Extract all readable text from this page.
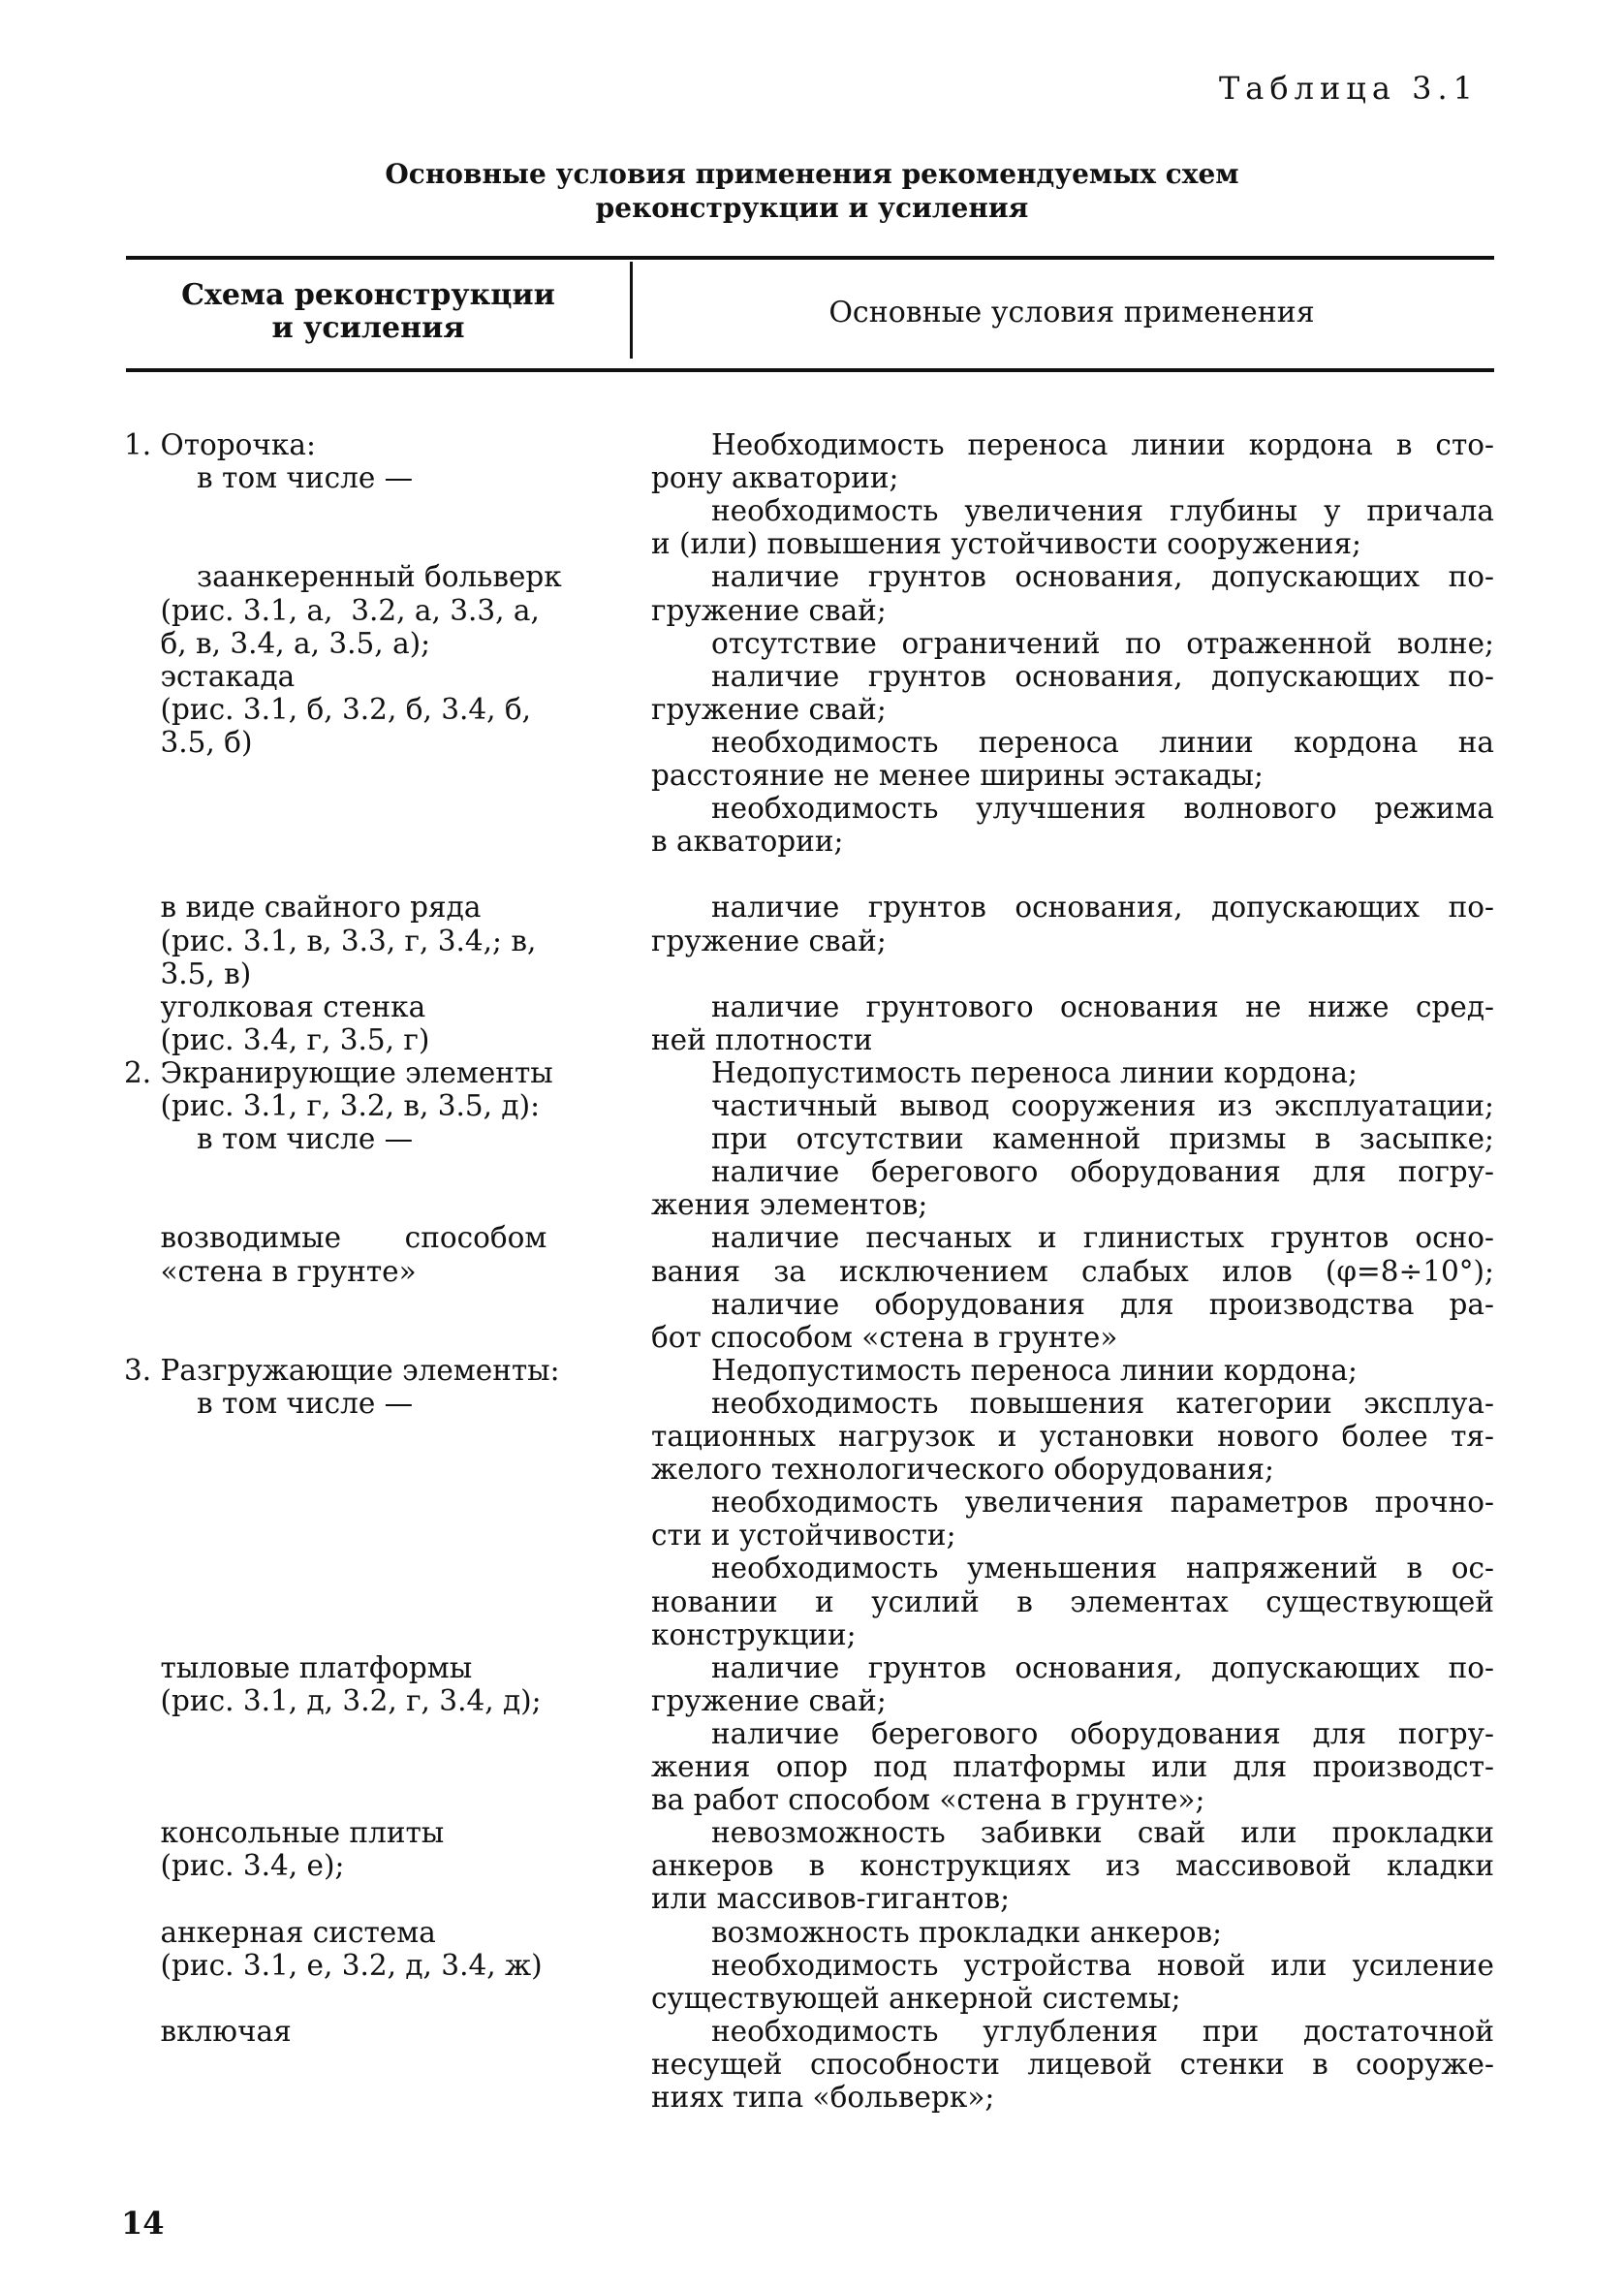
Таблица 3.1
Основные условия применения рекомендуемых схем
реконструкции и усиления
Схема реконструкции
и усиления	Основные условия применения
1. Оторочка:
в том числе —
заанкеренный больверк
(рис. 3.1, а,  3.2, а, 3.3, а,
б, в, 3.4, а, 3.5, а);
эстакада
(рис. 3.1, б, 3.2, б, 3.4, б,
3.5, б)
в виде свайного ряда
(рис. 3.1, в, 3.3, г, 3.4,; в,
3.5, в)
уголковая стенка
(рис. 3.4, г, 3.5, г)
2. Экранирующие элементы
(рис. 3.1, г, 3.2, в, 3.5, д):
в том числе —
возводимые       способом
«стена в грунте»
3. Разгружающие элементы:
в том числе —
тыловые платформы
(рис. 3.1, д, 3.2, г, 3.4, д);
консольные плиты
(рис. 3.4, е);
анкерная система
(рис. 3.1, е, 3.2, д, 3.4, ж)
включая
Необходимость переноса линии кордона в сто-
рону акватории;
необходимость увеличения глубины у причала
и (или) повышения устойчивости сооружения;
наличие грунтов основания, допускающих по-
гружение свай;
отсутствие ограничений по отраженной волне;
наличие грунтов основания, допускающих по-
гружение свай;
необходимость переноса линии кордона на
расстояние не менее ширины эстакады;
необходимость улучшения волнового режима
в акватории;
наличие грунтов основания, допускающих по-
гружение свай;
наличие грунтового основания не ниже сред-
ней плотности
Недопустимость переноса линии кордона;
частичный вывод сооружения из эксплуатации;
при отсутствии каменной призмы в засыпке;
наличие берегового оборудования для погру-
жения элементов;
наличие песчаных и глинистых грунтов осно-
вания за исключением слабых илов (φ=8÷10°);
наличие оборудования для производства ра-
бот способом «стена в грунте»
Недопустимость переноса линии кордона;
необходимость повышения категории эксплуа-
тационных нагрузок и установки нового более тя-
желого технологического оборудования;
необходимость увеличения параметров прочно-
сти и устойчивости;
необходимость уменьшения напряжений в ос-
новании и усилий в элементах существующей
конструкции;
наличие грунтов основания, допускающих по-
гружение свай;
наличие берегового оборудования для погру-
жения опор под платформы или для производст-
ва работ способом «стена в грунте»;
невозможность забивки свай или прокладки
анкеров в конструкциях из массивовой кладки
или массивов-гигантов;
возможность прокладки анкеров;
необходимость устройства новой или усиление
существующей анкерной системы;
необходимость углубления при достаточной
несущей способности лицевой стенки в сооруже-
ниях типа «больверк»;
14
